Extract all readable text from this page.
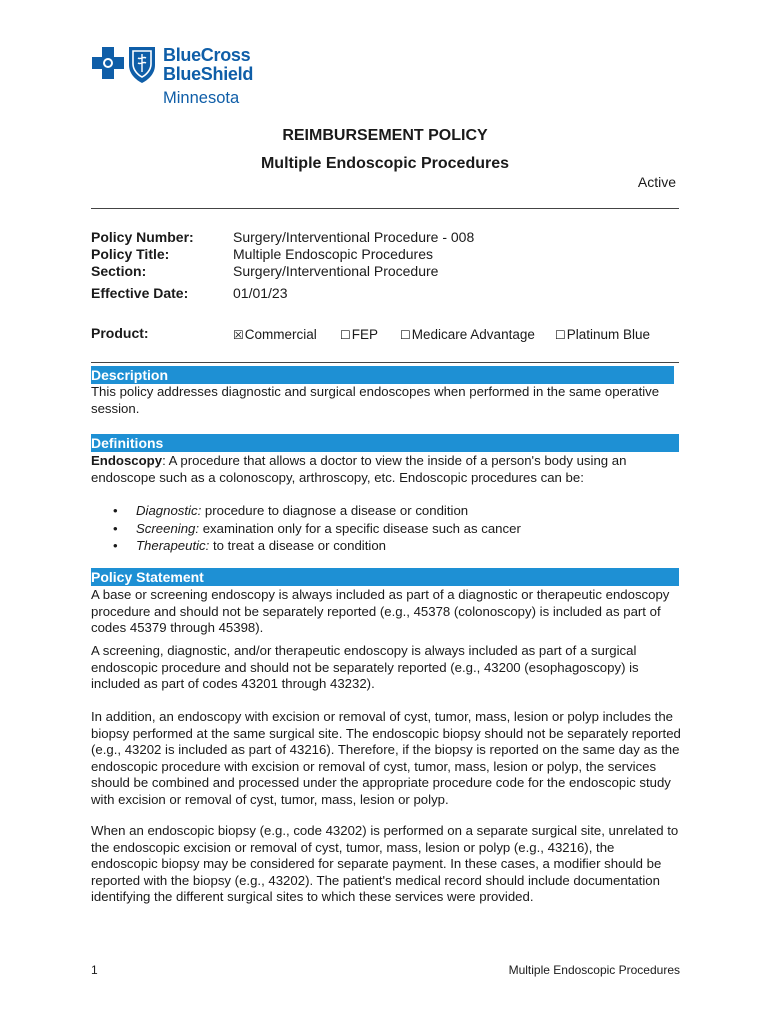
BlueCross
BlueShield
Minnesota
REIMBURSEMENT POLICY
Multiple Endoscopic Procedures
Active
Policy Number:	Surgery/Interventional Procedure - 008
Policy Title:	Multiple Endoscopic Procedures
Section:	Surgery/Interventional Procedure
Effective Date:	01/01/23
Product:	☒Commercial ☐FEP ☐Medicare Advantage ☐Platinum Blue
Description
This policy addresses diagnostic and surgical endoscopes when performed in the same operative session.
Definitions
Endoscopy: A procedure that allows a doctor to view the inside of a person's body using an endoscope such as a colonoscopy, arthroscopy, etc. Endoscopic procedures can be:
• Diagnostic: procedure to diagnose a disease or condition
• Screening: examination only for a specific disease such as cancer
• Therapeutic: to treat a disease or condition
Policy Statement
A base or screening endoscopy is always included as part of a diagnostic or therapeutic endoscopy procedure and should not be separately reported (e.g., 45378 (colonoscopy) is included as part of codes 45379 through 45398).
A screening, diagnostic, and/or therapeutic endoscopy is always included as part of a surgical endoscopic procedure and should not be separately reported (e.g., 43200 (esophagoscopy) is included as part of codes 43201 through 43232).
In addition, an endoscopy with excision or removal of cyst, tumor, mass, lesion or polyp includes the biopsy performed at the same surgical site. The endoscopic biopsy should not be separately reported (e.g., 43202 is included as part of 43216). Therefore, if the biopsy is reported on the same day as the endoscopic procedure with excision or removal of cyst, tumor, mass, lesion or polyp, the services should be combined and processed under the appropriate procedure code for the endoscopic study with excision or removal of cyst, tumor, mass, lesion or polyp.
When an endoscopic biopsy (e.g., code 43202) is performed on a separate surgical site, unrelated to the endoscopic excision or removal of cyst, tumor, mass, lesion or polyp (e.g., 43216), the endoscopic biopsy may be considered for separate payment. In these cases, a modifier should be reported with the biopsy (e.g., 43202). The patient's medical record should include documentation identifying the different surgical sites to which these services were provided.
1	Multiple Endoscopic Procedures
